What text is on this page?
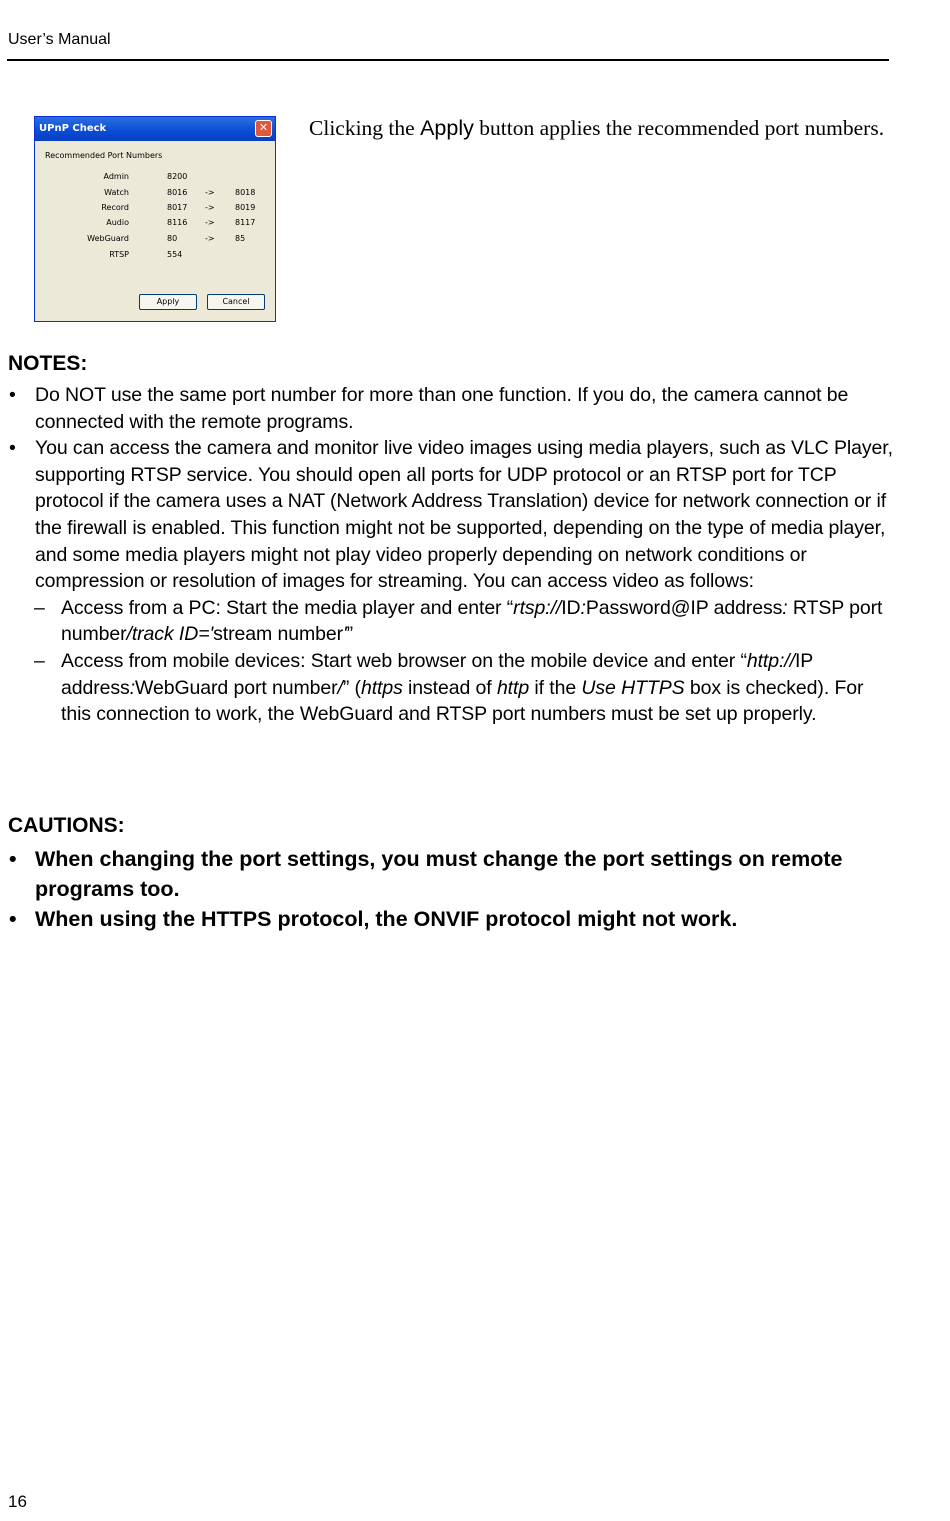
User’s Manual
UPnP Check	✕
Recommended Port Numbers
Admin	8200
Watch	8016 ->	8018
Record	8017 ->	8019
Audio	8116 ->	8117
WebGuard	80	->	85
RTSP	554
Apply	Cancel
Clicking the Apply button applies the recommended port numbers.
NOTES:
• Do NOT use the same port number for more than one function. If you do, the camera cannot be connected with the remote programs.
• You can access the camera and monitor live video images using media players, such as VLC Player, supporting RTSP service. You should open all ports for UDP protocol or an RTSP port for TCP protocol if the camera uses a NAT (Network Address Translation) device for network connection or if the firewall is enabled. This function might not be supported, depending on the type of media player, and some media players might not play video properly depending on network conditions or compression or resolution of images for streaming. You can access video as follows:
– Access from a PC: Start the media player and enter “rtsp://ID:Password@IP address: RTSP port number/track ID='stream number'”
– Access from mobile devices: Start web browser on the mobile device and enter “http://IP address:WebGuard port number/” (https instead of http if the Use HTTPS box is checked). For this connection to work, the WebGuard and RTSP port numbers must be set up properly.
CAUTIONS:
• When changing the port settings, you must change the port settings on remote programs too.
• When using the HTTPS protocol, the ONVIF protocol might not work.
16
